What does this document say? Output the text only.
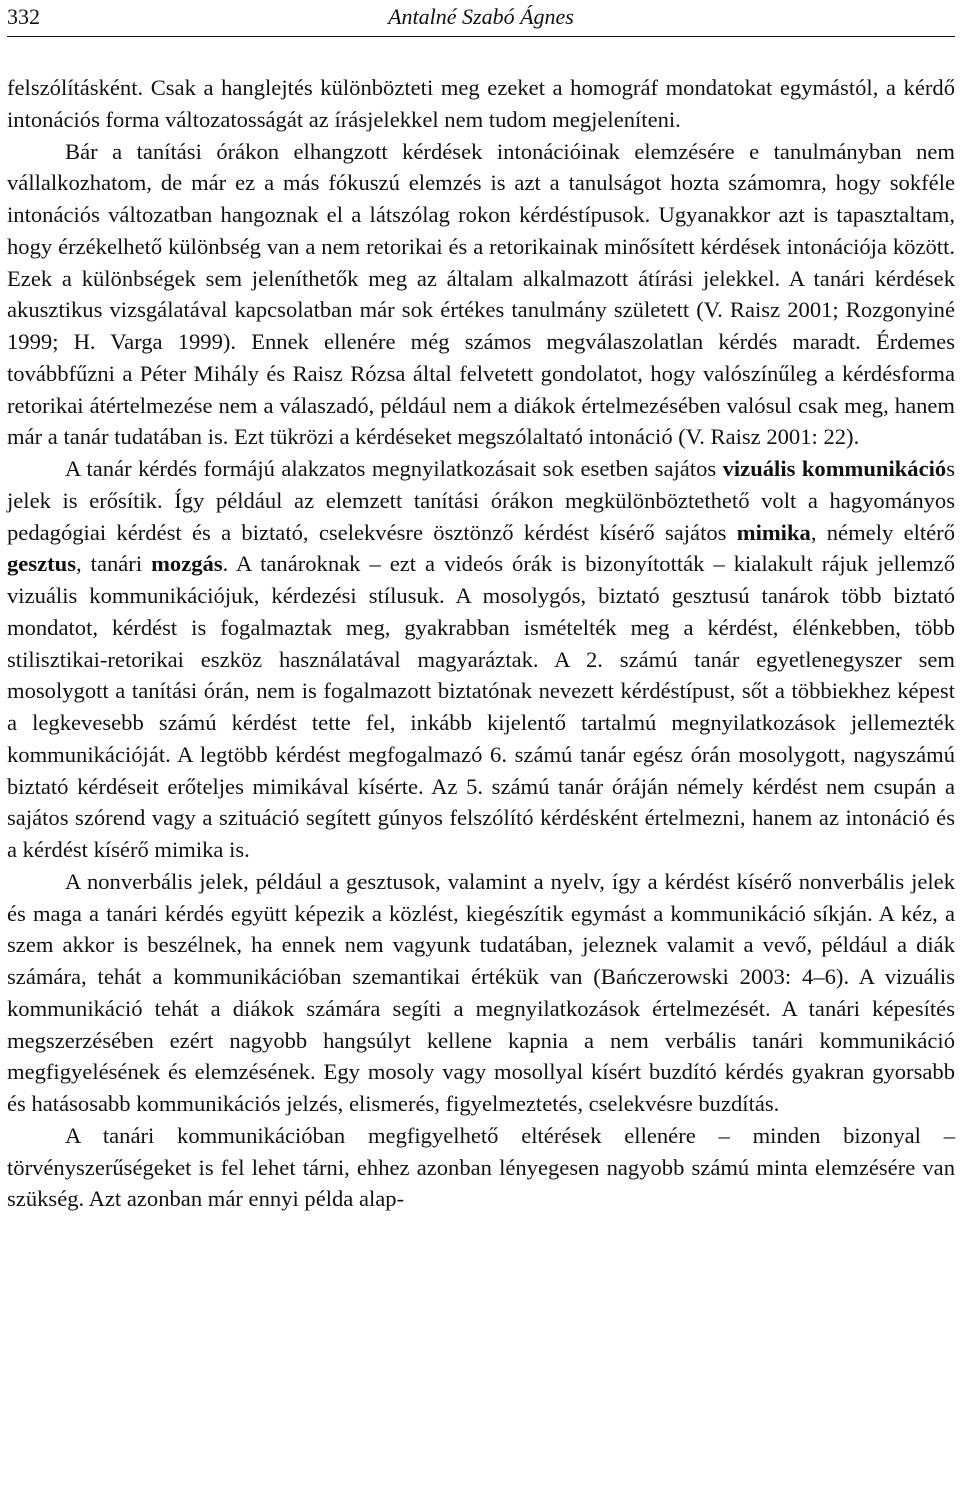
332	Antalné Szabó Ágnes

felszólításként. Csak a hanglejtés különbözteti meg ezeket a homográf mondatokat egymástól, a kérdő intonációs forma változatosságát az írásjelekkel nem tudom megjeleníteni.

Bár a tanítási órákon elhangzott kérdések intonációinak elemzésére e tanulmányban nem vállalkozhatom, de már ez a más fókuszú elemzés is azt a tanulságot hozta számomra, hogy sokféle intonációs változatban hangoznak el a látszólag rokon kérdéstípusok. Ugyanakkor azt is tapasztaltam, hogy érzékelhető különbség van a nem retorikai és a retorikainak minősített kérdések intonációja között. Ezek a különbségek sem jeleníthetők meg az általam alkalmazott átírási jelekkel. A tanári kérdések akusztikus vizsgálatával kapcsolatban már sok értékes tanulmány született (V. Raisz 2001; Rozgonyiné 1999; H. Varga 1999). Ennek ellenére még számos megválaszolatlan kérdés maradt. Érdemes továbbfűzni a Péter Mihály és Raisz Rózsa által felvetett gondolatot, hogy valószínűleg a kérdésforma retorikai átértelmezése nem a válaszadó, például nem a diákok értelmezésében valósul csak meg, hanem már a tanár tudatában is. Ezt tükrözi a kérdéseket megszólaltató intonáció (V. Raisz 2001: 22).

A tanár kérdés formájú alakzatos megnyilatkozásait sok esetben sajátos vizuális kommunikációs jelek is erősítik. Így például az elemzett tanítási órákon megkülönböztethető volt a hagyományos pedagógiai kérdést és a biztató, cselekvésre ösztönző kérdést kísérő sajátos mimika, némely eltérő gesztus, tanári mozgás. A tanároknak – ezt a videós órák is bizonyították – kialakult rájuk jellemző vizuális kommunikációjuk, kérdezési stílusuk. A mosolygós, biztató gesztusú tanárok több biztató mondatot, kérdést is fogalmaztak meg, gyakrabban ismételték meg a kérdést, élénkebben, több stilisztikai-retorikai eszköz használatával magyaráztak. A 2. számú tanár egyetlenegyszer sem mosolygott a tanítási órán, nem is fogalmazott biztatónak nevezett kérdéstípust, sőt a többiekhez képest a legkevesebb számú kérdést tette fel, inkább kijelentő tartalmú megnyilatkozások jellemezték kommunikációját. A legtöbb kérdést megfogalmazó 6. számú tanár egész órán mosolygott, nagyszámú biztató kérdéseit erőteljes mimikával kísérte. Az 5. számú tanár óráján némely kérdést nem csupán a sajátos szórend vagy a szituáció segített gúnyos felszólító kérdésként értelmezni, hanem az intonáció és a kérdést kísérő mimika is.

A nonverbális jelek, például a gesztusok, valamint a nyelv, így a kérdést kísérő nonverbális jelek és maga a tanári kérdés együtt képezik a közlést, kiegészítik egymást a kommunikáció síkján. A kéz, a szem akkor is beszélnek, ha ennek nem vagyunk tudatában, jeleznek valamit a vevő, például a diák számára, tehát a kommunikációban szemantikai értékük van (Bańczerowski 2003: 4–6). A vizuális kommunikáció tehát a diákok számára segíti a megnyilatkozások értelmezését. A tanári képesítés megszerzésében ezért nagyobb hangsúlyt kellene kapnia a nem verbális tanári kommunikáció megfigyelésének és elemzésének. Egy mosoly vagy mosollyal kísért buzdító kérdés gyakran gyorsabb és hatásosabb kommunikációs jelzés, elismerés, figyelmeztetés, cselekvésre buzdítás.

A tanári kommunikációban megfigyelhető eltérések ellenére – minden bizonyal – törvényszerűségeket is fel lehet tárni, ehhez azonban lényegesen nagyobb számú minta elemzésére van szükség. Azt azonban már ennyi példa alap-
